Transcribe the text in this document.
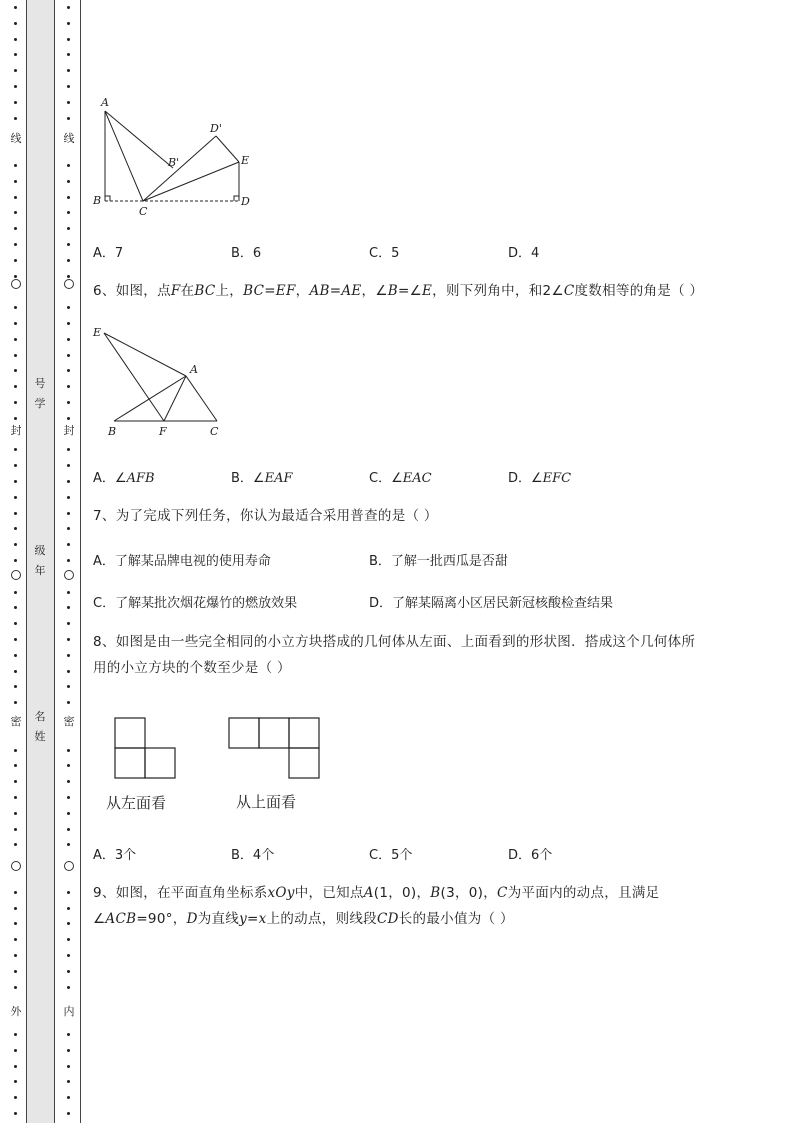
线
封
密
外
线
封
密
内
号
学
级
年
名
姓
A
B
C
D
E
B'
D'
A．7	B．6	C．5	D．4
6、如图，点F在BC上，BC=EF，AB=AE，∠B=∠E，则下列角中，和2∠C度数相等的角是（ ）
E
A
B	F	C
A．∠AFB	B．∠EAF	C．∠EAC	D．∠EFC
7、为了完成下列任务，你认为最适合采用普查的是（ ）
A．了解某品牌电视的使用寿命	B．了解一批西瓜是否甜
C．了解某批次烟花爆竹的燃放效果	D．了解某隔离小区居民新冠核酸检查结果
8、如图是由一些完全相同的小立方块搭成的几何体从左面、上面看到的形状图．搭成这个几何体所
用的小立方块的个数至少是（ ）
从左面看	从上面看
A．3个	B．4个	C．5个	D．6个
9、如图，在平面直角坐标系xOy中，已知点A(1，0)，B(3，0)，C为平面内的动点，且满足
∠ACB=90°，D为直线y=x上的动点，则线段CD长的最小值为（ ）
